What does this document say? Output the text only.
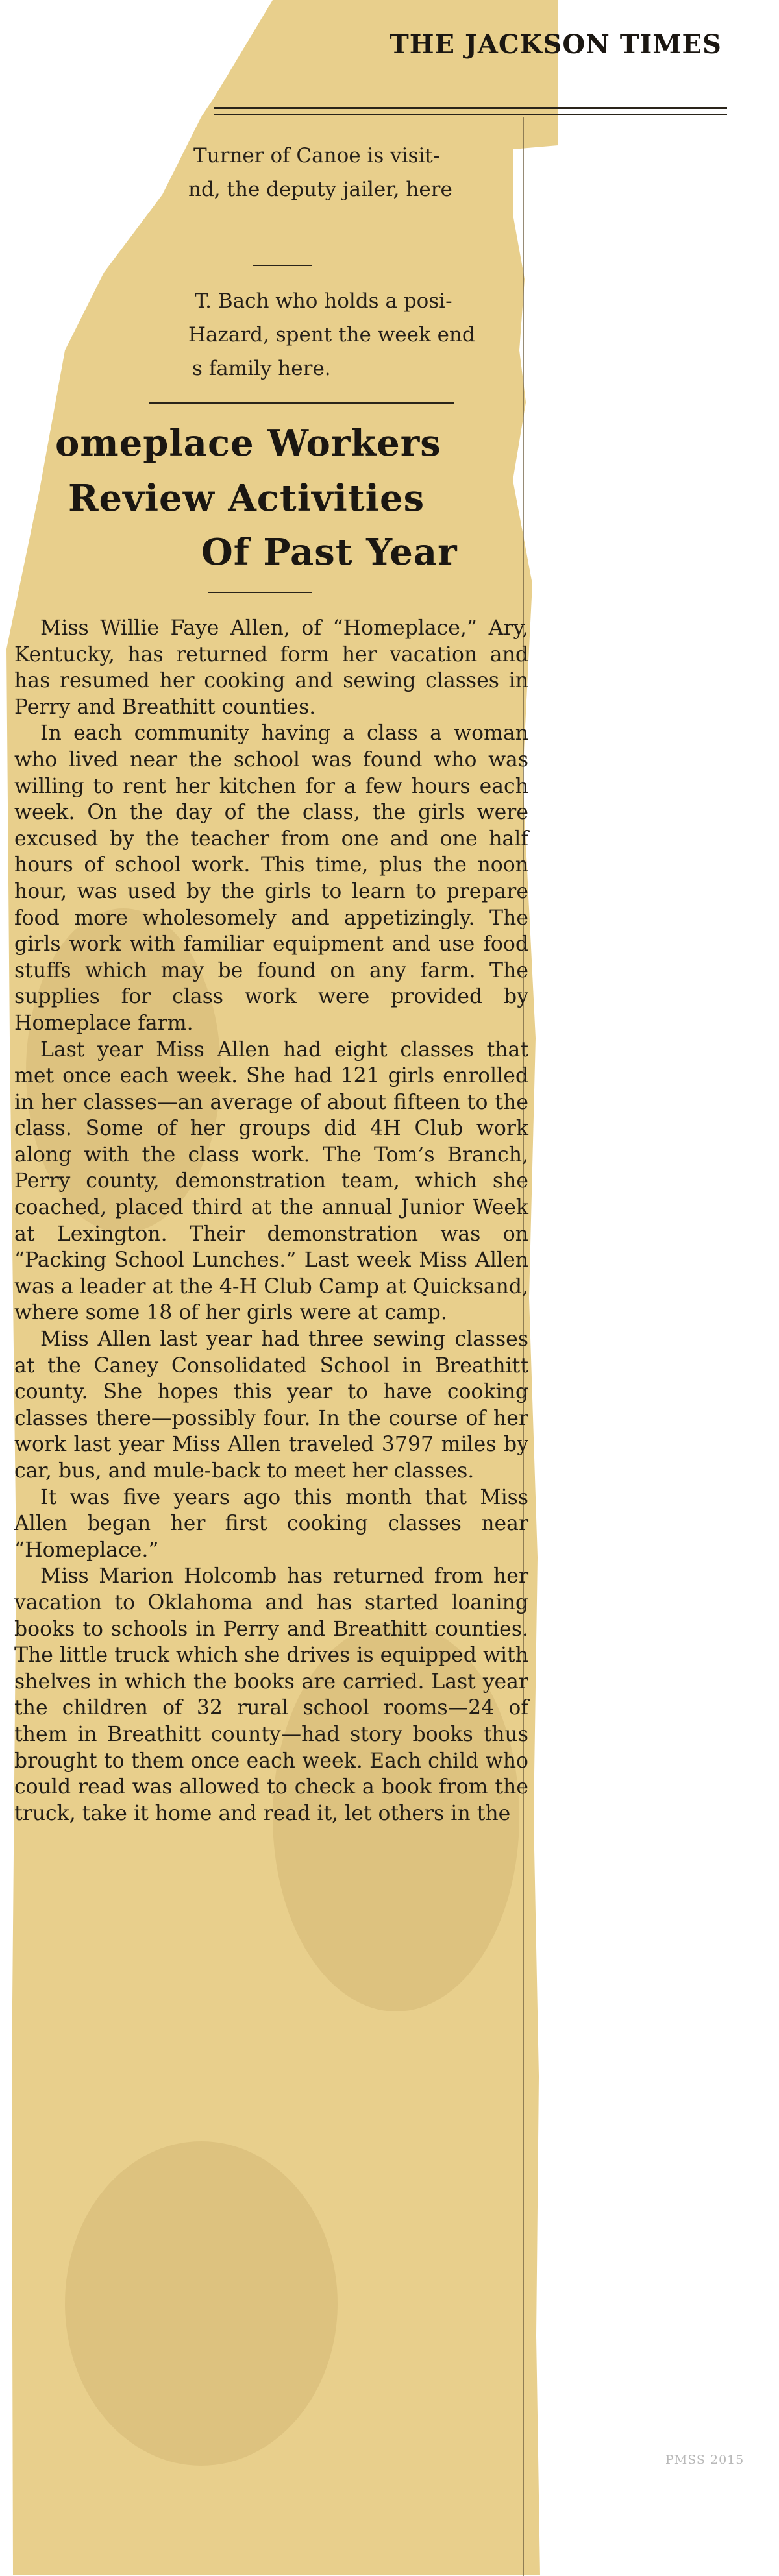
THE JACKSON TIMES
Turner of Canoe is visit-
nd, the deputy jailer, here
T. Bach who holds a posi-
Hazard, spent the week end
s family here.
omeplace Workers
Review Activities
Of Past Year

Miss Willie Faye Allen, of “Homeplace,” Ary, Kentucky, has returned form her vacation and has resumed her cooking and sewing classes in Perry and Breathitt counties.

In each community having a class a woman who lived near the school was found who was willing to rent her kitchen for a few hours each week. On the day of the class, the girls were excused by the teacher from one and one half hours of school work. This time, plus the noon hour, was used by the girls to learn to prepare food more wholesomely and appetizingly. The girls work with familiar equipment and use food stuffs which may be found on any farm. The supplies for class work were provided by Homeplace farm.

Last year Miss Allen had eight classes that met once each week. She had 121 girls enrolled in her classes—an average of about fifteen to the class. Some of her groups did 4H Club work along with the class work. The Tom’s Branch, Perry county, demonstration team, which she coached, placed third at the annual Junior Week at Lexington. Their demonstration was on “Packing School Lunches.” Last week Miss Allen was a leader at the 4-H Club Camp at Quicksand, where some 18 of her girls were at camp.

Miss Allen last year had three sewing classes at the Caney Consolidated School in Breathitt county. She hopes this year to have cooking classes there—possibly four. In the course of her work last year Miss Allen traveled 3797 miles by car, bus, and mule-back to meet her classes.

It was five years ago this month that Miss Allen began her first cooking classes near “Homeplace.”

Miss Marion Holcomb has returned from her vacation to Oklahoma and has started loaning books to schools in Perry and Breathitt counties. The little truck which she drives is equipped with shelves in which the books are carried. Last year the children of 32 rural school rooms—24 of them in Breathitt county—had story books thus brought to them once each week. Each child who could read was allowed to check a book from the truck, take it home and read it, let others in the

PMSS 2015
